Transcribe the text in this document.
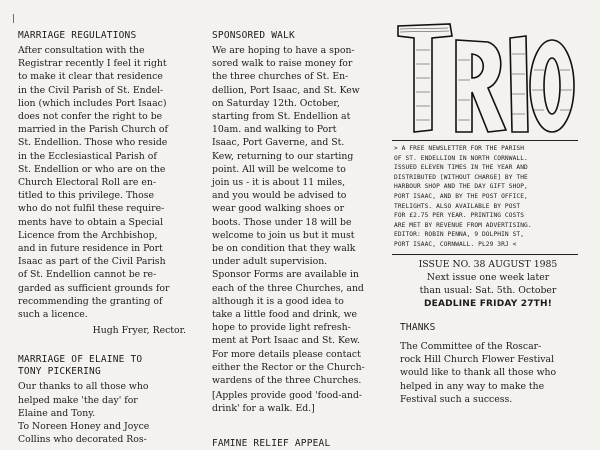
|

MARRIAGE REGULATIONS

After consultation with the
Registrar recently I feel it right
to make it clear that residence
in the Civil Parish of St. Endel-
lion (which includes Port Isaac)
does not confer the right to be
married in the Parish Church of
St. Endellion. Those who reside
in the Ecclesiastical Parish of
St. Endellion or who are on the
Church Electoral Roll are en-
titled to this privilege. Those
who do not fulfil these require-
ments have to obtain a Special
Licence from the Archbishop,
and in future residence in Port
Isaac as part of the Civil Parish
of St. Endellion cannot be re-
garded as sufficient grounds for
recommending the granting of
such a licence.

Hugh Fryer, Rector.

MARRIAGE OF ELAINE TO

TONY PICKERING

Our thanks to all those who
helped make 'the day' for
Elaine and Tony.
To Noreen Honey and Joyce
Collins who decorated Ros-

SPONSORED WALK

We are hoping to have a spon-
sored walk to raise money for
the three churches of St. En-
dellion, Port Isaac, and St. Kew
on Saturday 12th. October,
starting from St. Endellion at
10am. and walking to Port
Isaac, Port Gaverne, and St.
Kew, returning to our starting
point. All will be welcome to
join us - it is about 11 miles,
and you would be advised to
wear good walking shoes or
boots. Those under 18 will be
welcome to join us but it must
be on condition that they walk
under adult supervision.
Sponsor Forms are available in
each of the three Churches, and
although it is a good idea to
take a little food and drink, we
hope to provide light refresh-
ment at Port Isaac and St. Kew.
For more details please contact
either the Rector or the Church-
wardens of the three Churches.

[Apples provide good 'food-and-
drink' for a walk. Ed.]

FAMINE RELIEF APPEAL

> A FREE NEWSLETTER FOR THE PARISH
OF ST. ENDELLION IN NORTH CORNWALL.
ISSUED ELEVEN TIMES IN THE YEAR AND
DISTRIBUTED [WITHOUT CHARGE] BY THE
HARBOUR SHOP AND THE DAY GIFT SHOP,
PORT ISAAC, AND BY THE POST OFFICE,
TRELIGHTS. ALSO AVAILABLE BY POST
FOR £2.75 PER YEAR. PRINTING COSTS
ARE MET BY REVENUE FROM ADVERTISING.
EDITOR: ROBIN PENNA, 9 DOLPHIN ST,
PORT ISAAC, CORNWALL. PL29 3RJ <
ISSUE NO. 38 AUGUST 1985
Next issue one week later
than usual: Sat. 5th. October
DEADLINE FRIDAY 27TH!

THANKS

The Committee of the Roscar-
rock Hill Church Flower Festival
would like to thank all those who
helped in any way to make the
Festival such a success.
